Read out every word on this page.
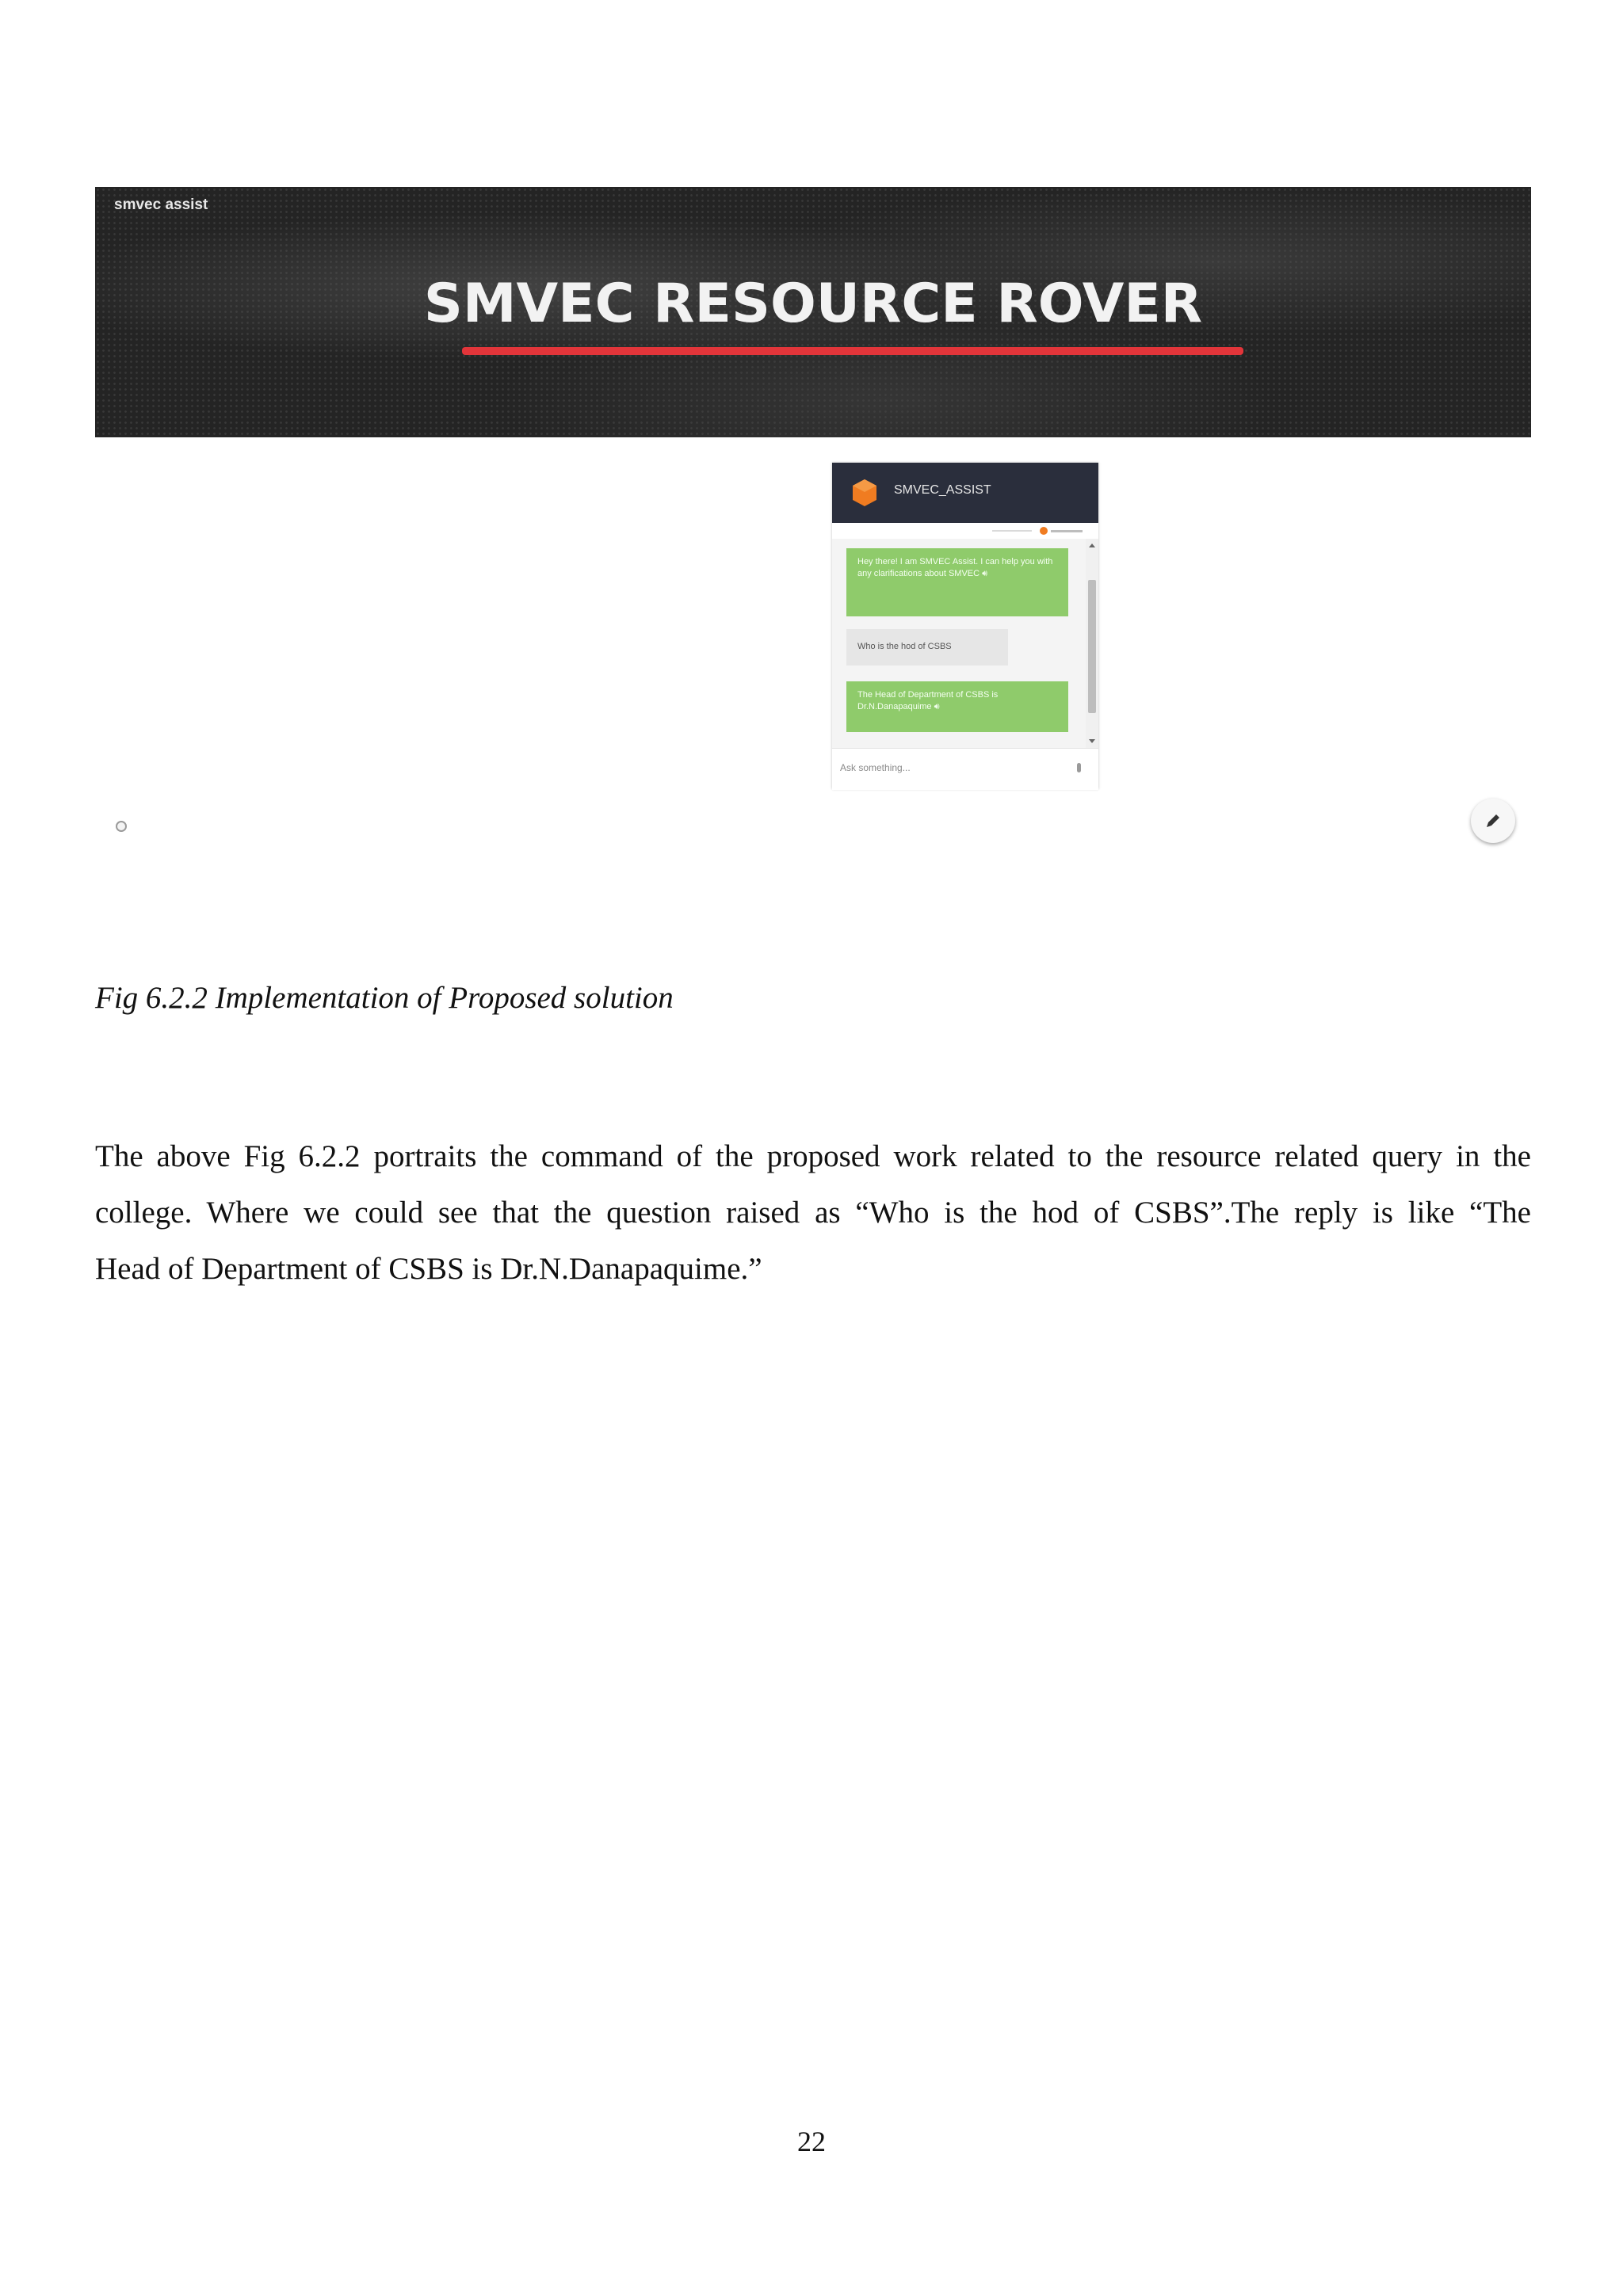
smvec assist
SMVEC RESOURCE ROVER
SMVEC_ASSIST
Hey there! I am SMVEC Assist. I can help you with any clarifications about SMVEC 🔊︎
Who is the hod of CSBS
The Head of Department of CSBS is Dr.N.Danapaquime 🔊︎
Ask something...
Fig 6.2.2 Implementation of Proposed solution
The above Fig 6.2.2 portraits the command of the proposed work related to the resource related query in the
college. Where we could see that the question raised as “Who is the hod of CSBS”.The reply is like “The
Head of Department of CSBS is Dr.N.Danapaquime.”
22
